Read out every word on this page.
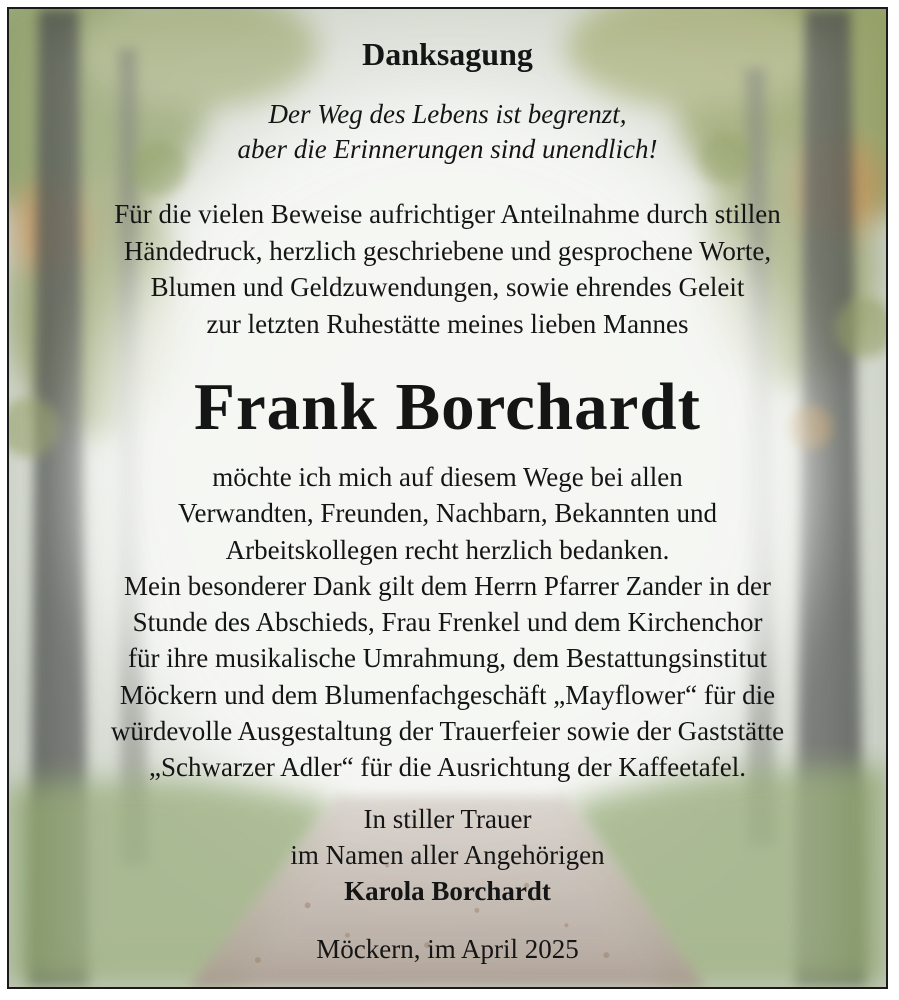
Danksagung

Der Weg des Lebens ist begrenzt,
aber die Erinnerungen sind unendlich!

Für die vielen Beweise aufrichtiger Anteilnahme durch stillen
Händedruck, herzlich geschriebene und gesprochene Worte,
Blumen und Geldzuwendungen, sowie ehrendes Geleit
zur letzten Ruhestätte meines lieben Mannes

Frank Borchardt

möchte ich mich auf diesem Wege bei allen
Verwandten, Freunden, Nachbarn, Bekannten und
Arbeitskollegen recht herzlich bedanken.
Mein besonderer Dank gilt dem Herrn Pfarrer Zander in der
Stunde des Abschieds, Frau Frenkel und dem Kirchenchor
für ihre musikalische Umrahmung, dem Bestattungsinstitut
Möckern und dem Blumenfachgeschäft „Mayflower“ für die
würdevolle Ausgestaltung der Trauerfeier sowie der Gaststätte
„Schwarzer Adler“ für die Ausrichtung der Kaffeetafel.

In stiller Trauer
im Namen aller Angehörigen
Karola Borchardt

Möckern, im April 2025
